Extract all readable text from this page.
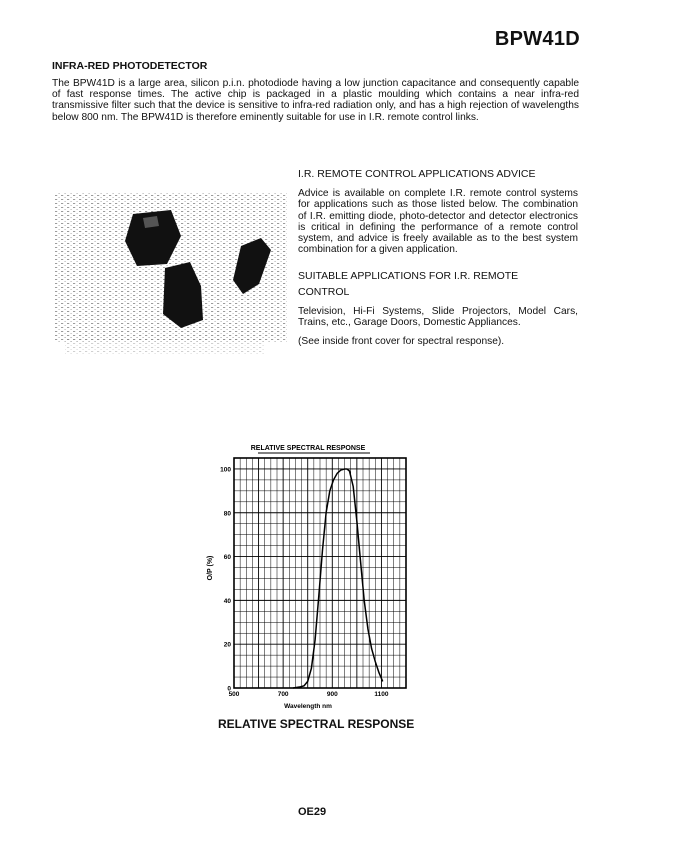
BPW41D
INFRA-RED PHOTODETECTOR
The BPW41D is a large area, silicon p.i.n. photodiode having a low junction capacitance and consequently capable of fast response times. The active chip is packaged in a plastic moulding which contains a near infra-red transmissive filter such that the device is sensitive to infra-red radiation only, and has a high rejection of wavelengths below 800 nm. The BPW41D is therefore eminently suitable for use in I.R. remote control links.

I.R. REMOTE CONTROL APPLICATIONS ADVICE

Advice is available on complete I.R. remote control systems for applications such as those listed below. The combination of I.R. emitting diode, photo-detector and detector electronics is critical in defining the performance of a remote control system, and advice is freely available as to the best system combination for a given application.

SUITABLE APPLICATIONS FOR I.R. REMOTE CONTROL

Television, Hi-Fi Systems, Slide Projectors, Model Cars, Trains, etc., Garage Doors, Domestic Appliances.

(See inside front cover for spectral response).

RELATIVE SPECTRAL RESPONSE
0
20
40
60
80
100
500	700	900	1100
O/P (%)
Wavelength nm
RELATIVE SPECTRAL RESPONSE
OE29
